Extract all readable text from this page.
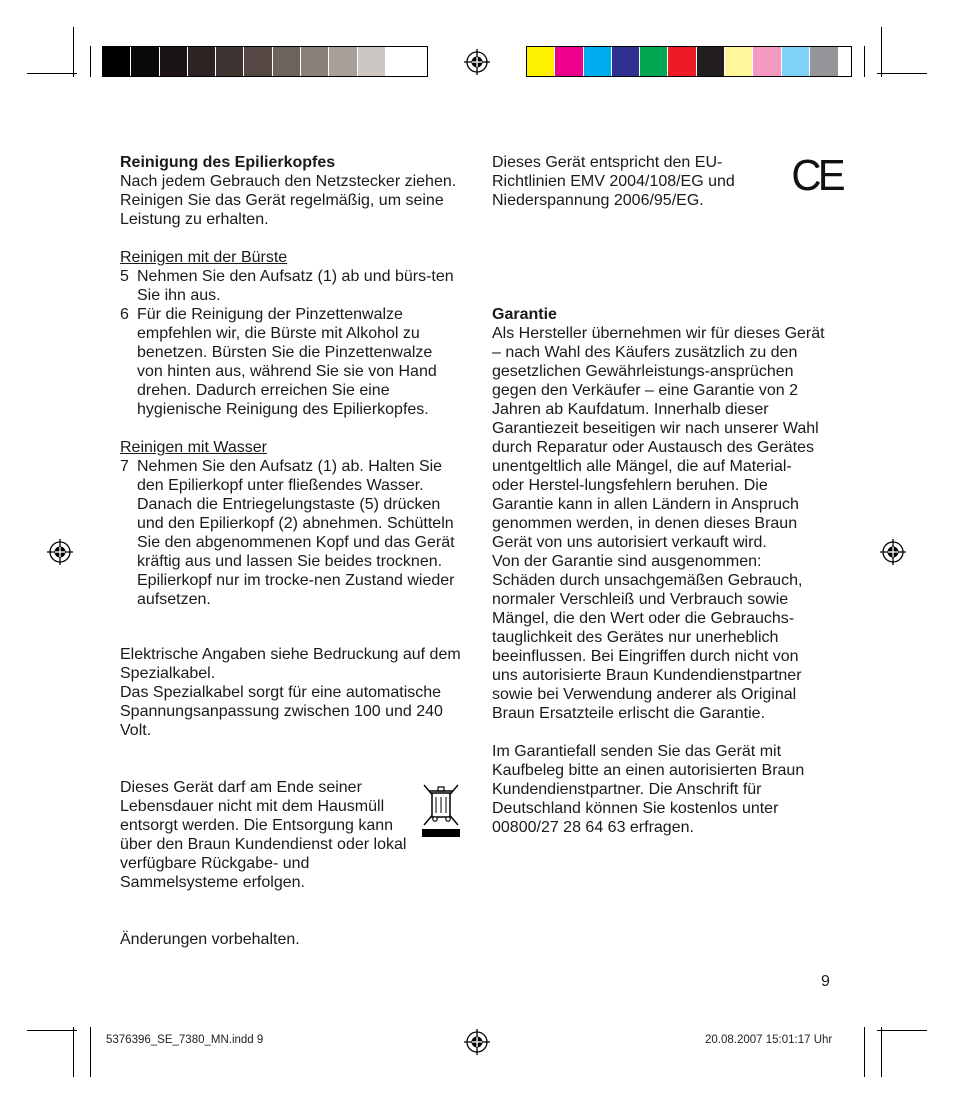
Reinigung des Epilierkopfes

Nach jedem Gebrauch den Netzstecker ziehen. Reinigen Sie das Gerät regelmäßig, um seine Leistung zu erhalten.

Reinigen mit der Bürste

5 Nehmen Sie den Aufsatz (1) ab und bürs-ten Sie ihn aus.
6 Für die Reinigung der Pinzettenwalze empfehlen wir, die Bürste mit Alkohol zu benetzen. Bürsten Sie die Pinzettenwalze von hinten aus, während Sie sie von Hand drehen. Dadurch erreichen Sie eine hygienische Reinigung des Epilierkopfes.

Reinigen mit Wasser

7 Nehmen Sie den Aufsatz (1) ab. Halten Sie den Epilierkopf unter fließendes Wasser. Danach die Entriegelungstaste (5) drücken und den Epilierkopf (2) abnehmen. Schütteln Sie den abgenommenen Kopf und das Gerät kräftig aus und lassen Sie beides trocknen. Epilierkopf nur im trocke-nen Zustand wieder aufsetzen.

Elektrische Angaben siehe Bedruckung auf dem Spezialkabel.

Das Spezialkabel sorgt für eine automatische Spannungsanpassung zwischen 100 und 240 Volt.

Dieses Gerät darf am Ende seiner Lebensdauer nicht mit dem Hausmüll entsorgt werden. Die Entsorgung kann über den Braun Kundendienst oder lokal verfügbare Rückgabe- und Sammelsysteme erfolgen.

Änderungen vorbehalten.

Dieses Gerät entspricht den EU-Richtlinien EMV 2004/108/EG und Niederspannung 2006/95/EG.

CE

Garantie

Als Hersteller übernehmen wir für dieses Gerät – nach Wahl des Käufers zusätzlich zu den gesetzlichen Gewährleistungs-ansprüchen gegen den Verkäufer – eine Garantie von 2 Jahren ab Kaufdatum. Innerhalb dieser Garantiezeit beseitigen wir nach unserer Wahl durch Reparatur oder Austausch des Gerätes unentgeltlich alle Mängel, die auf Material- oder Herstel-lungsfehlern beruhen. Die Garantie kann in allen Ländern in Anspruch genommen werden, in denen dieses Braun Gerät von uns autorisiert verkauft wird.

Von der Garantie sind ausgenommen: Schäden durch unsachgemäßen Gebrauch, normaler Verschleiß und Verbrauch sowie Mängel, die den Wert oder die Gebrauchs-tauglichkeit des Gerätes nur unerheblich beeinflussen. Bei Eingriffen durch nicht von uns autorisierte Braun Kundendienstpartner sowie bei Verwendung anderer als Original Braun Ersatzteile erlischt die Garantie.

Im Garantiefall senden Sie das Gerät mit Kaufbeleg bitte an einen autorisierten Braun Kundendienstpartner. Die Anschrift für Deutschland können Sie kostenlos unter 00800/27 28 64 63 erfragen.

9
5376396_SE_7380_MN.indd 9	20.08.2007 15:01:17 Uhr
